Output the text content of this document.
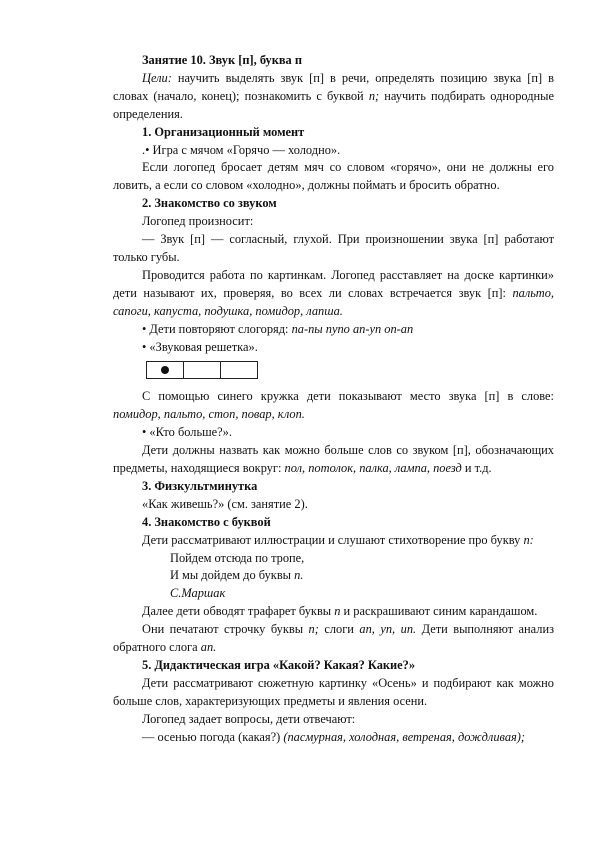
Занятие 10. Звук [п], буква п

Цели: научить выделять звук [п] в речи, определять позицию звука [п] в словах (начало, конец); познакомить с буквой п; научить подбирать однородные определения.

1. Организационный момент

.• Игра с мячом «Горячо — холодно».

Если логопед бросает детям мяч со словом «горячо», они не должны его ловить, а если со словом «холодно», должны поймать и бросить обратно.

2. Знакомство со звуком

Логопед произносит:

— Звук [п] — согласный, глухой. При произношении звука [п] работают только губы.

Проводится работа по картинкам. Логопед расставляет на доске картинки» дети называют их, проверяя, во всех ли словах встречается звук [п]: пальто, сапоги, капуста, подушка, помидор, лапша.

• Дети повторяют слогоряд: па-пы пупо ап-уп оп-ап

• «Звуковая решетка».

С помощью синего кружка дети показывают место звука [п] в слове: помидор, пальто, стоп, повар, клоп.

• «Кто больше?».

Дети должны назвать как можно больше слов со звуком [п], обозначающих предметы, находящиеся вокруг: пол, потолок, палка, лампа, поезд и т.д.

3. Физкультминутка

«Как живешь?» (см. занятие 2).

4. Знакомство с буквой

Дети рассматривают иллюстрации и слушают стихотворение про букву п:

Пойдем отсюда по тропе,

И мы дойдем до буквы п.

С.Маршак

Далее дети обводят трафарет буквы п и раскрашивают синим карандашом.

Они печатают строчку буквы п; слоги ап, уп, ип. Дети выполняют анализ обратного слога ап.

5. Дидактическая игра «Какой? Какая? Какие?»

Дети рассматривают сюжетную картинку «Осень» и подбирают как можно больше слов, характеризующих предметы и явления осени.

Логопед задает вопросы, дети отвечают:

— осенью погода (какая?) (пасмурная, холодная, ветреная, дождливая);
